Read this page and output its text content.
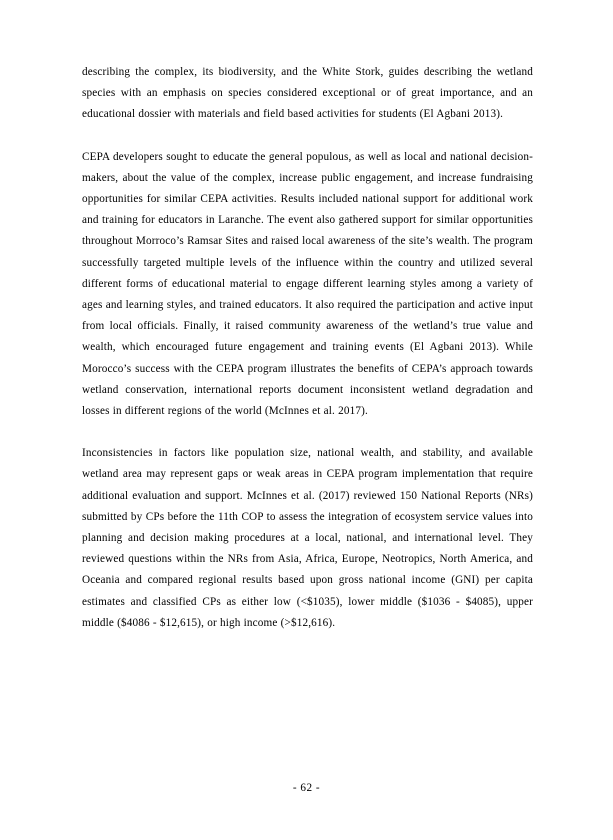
describing the complex, its biodiversity, and the White Stork, guides describing the wetland species with an emphasis on species considered exceptional or of great importance, and an educational dossier with materials and field based activities for students (El Agbani 2013).

CEPA developers sought to educate the general populous, as well as local and national decision-makers, about the value of the complex, increase public engagement, and increase fundraising opportunities for similar CEPA activities. Results included national support for additional work and training for educators in Laranche. The event also gathered support for similar opportunities throughout Morroco’s Ramsar Sites and raised local awareness of the site’s wealth. The program successfully targeted multiple levels of the influence within the country and utilized several different forms of educational material to engage different learning styles among a variety of ages and learning styles, and trained educators. It also required the participation and active input from local officials. Finally, it raised community awareness of the wetland’s true value and wealth, which encouraged future engagement and training events (El Agbani 2013). While Morocco’s success with the CEPA program illustrates the benefits of CEPA’s approach towards wetland conservation, international reports document inconsistent wetland degradation and losses in different regions of the world (McInnes et al. 2017).

Inconsistencies in factors like population size, national wealth, and stability, and available wetland area may represent gaps or weak areas in CEPA program implementation that require additional evaluation and support. McInnes et al. (2017) reviewed 150 National Reports (NRs) submitted by CPs before the 11th COP to assess the integration of ecosystem service values into planning and decision making procedures at a local, national, and international level. They reviewed questions within the NRs from Asia, Africa, Europe, Neotropics, North America, and Oceania and compared regional results based upon gross national income (GNI) per capita estimates and classified CPs as either low (<$1035), lower middle ($1036 - $4085), upper middle ($4086 - $12,615), or high income (>$12,616).

- 62 -
